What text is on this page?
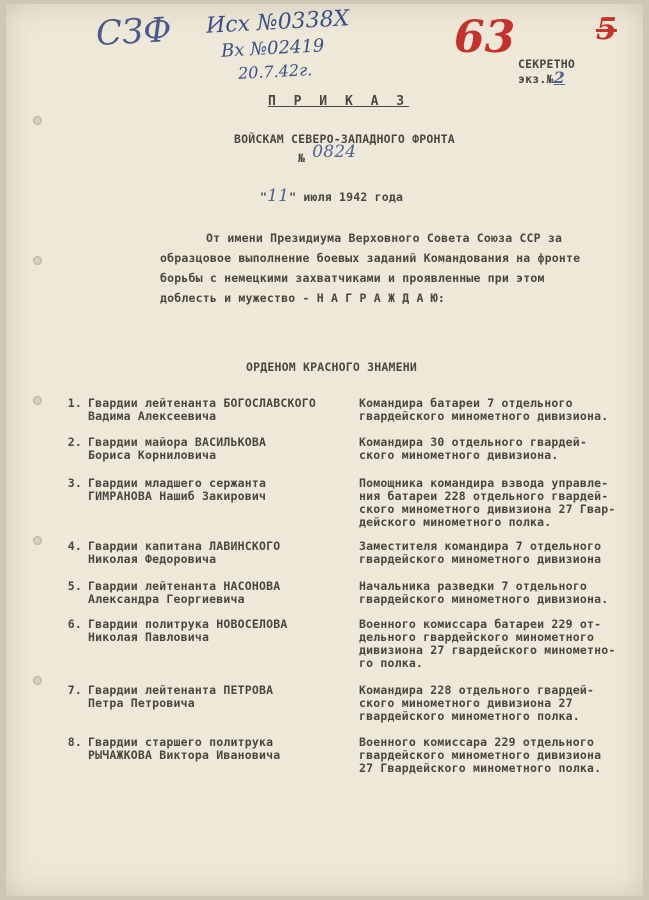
СЗФ Исх №0338Х
Вх №02419
20.7.42г.
63	5
СЕКРЕТНО
экз.№2
П Р И К А З
ВОЙСКАМ СЕВЕРО-ЗАПАДНОГО ФРОНТА
№ 0824
"11" июля 1942 года
От имени Президиума Верховного Совета Союза ССР за
образцовое выполнение боевых заданий Командования на фронте
борьбы с немецкими захватчиками и проявленные при этом
доблесть и мужество - Н А Г Р А Ж Д А Ю:
ОРДЕНОМ КРАСНОГО ЗНАМЕНИ
1. Гвардии лейтенанта БОГОСЛАВСКОГО
Вадима Алексеевича
Командира батареи 7 отдельного
гвардейского минометного дивизиона.
2. Гвардии майора ВАСИЛЬКОВА
Бориса Корниловича
Командира 30 отдельного гвардей-
ского минометного дивизиона.
3. Гвардии младшего сержанта
ГИМРАНОВА Нашиб Закирович
Помощника командира взвода управле-
ния батареи 228 отдельного гвардей-
ского минометного дивизиона 27 Гвар-
дейского минометного полка.
4. Гвардии капитана ЛАВИНСКОГО
Николая Федоровича
Заместителя командира 7 отдельного
гвардейского минометного дивизиона
5. Гвардии лейтенанта НАСОНОВА
Александра Георгиевича
Начальника разведки 7 отдельного
гвардейского минометного дивизиона.
6. Гвардии политрука НОВОСЕЛОВА
Николая Павловича
Военного комиссара батареи 229 от-
дельного гвардейского минометного
дивизиона 27 гвардейского минометно-
го полка.
7. Гвардии лейтенанта ПЕТРОВА
Петра Петровича
Командира 228 отдельного гвардей-
ского минометного дивизиона 27
гвардейского минометного полка.
8. Гвардии старшего политрука
РЫЧАЖКОВА Виктора Ивановича
Военного комиссара 229 отдельного
гвардейского минометного дивизиона
27 Гвардейского минометного полка.
